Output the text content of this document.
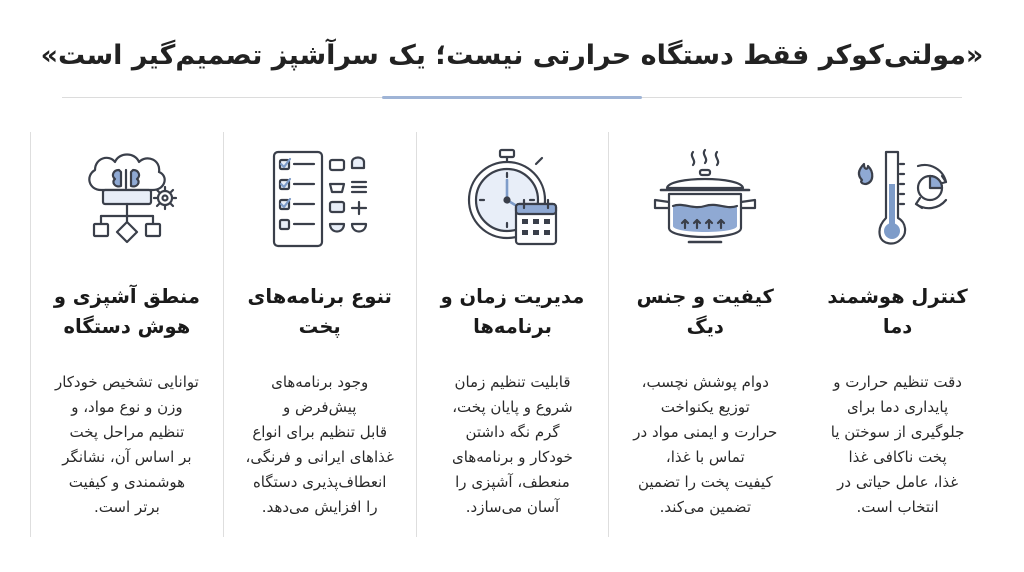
«مولتی‌کوکر فقط دستگاه حرارتی نیست؛ یک سرآشپز تصمیم‌گیر است»
منطق آشپزی و
هوش دستگاه
توانایی تشخیص خودکار
وزن و نوع مواد، و
تنظیم مراحل پخت
بر اساس آن، نشانگر
هوشمندی و کیفیت
برتر است.
تنوع برنامه‌های
پخت
وجود برنامه‌های
پیش‌فرض و
قابل تنظیم برای انواع
غذاهای ایرانی و فرنگی،
انعطاف‌پذیری دستگاه
را افزایش می‌دهد.
مدیریت زمان و
برنامه‌ها
قابلیت تنظیم زمان
شروع و پایان پخت،
گرم نگه داشتن
خودکار و برنامه‌های
منعطف، آشپزی را
آسان می‌سازد.
کیفیت و جنس
دیگ
دوام پوشش نچسب،
توزیع یکنواخت
حرارت و ایمنی مواد در
تماس با غذا،
کیفیت پخت را تضمین
تضمین می‌کند.
کنترل هوشمند
دما
دقت تنظیم حرارت و
پایداری دما برای
جلوگیری از سوختن یا
پخت ناکافی غذا
غذا، عامل حیاتی در
انتخاب است.
